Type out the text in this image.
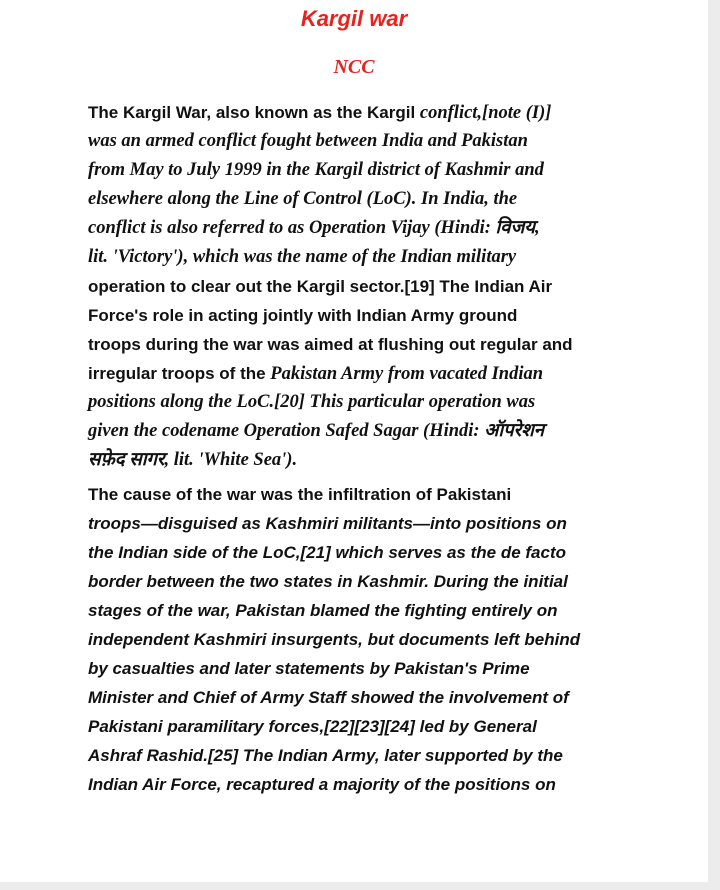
Kargil war
NCC
The Kargil War, also known as the Kargil conflict,[note (I)]
was an armed conflict fought between India and Pakistan
from May to July 1999 in the Kargil district of Kashmir and
elsewhere along the Line of Control (LoC). In India, the
conflict is also referred to as Operation Vijay (Hindi: विजय,
lit. 'Victory'), which was the name of the Indian military
operation to clear out the Kargil sector.[19] The Indian Air
Force's role in acting jointly with Indian Army ground
troops during the war was aimed at flushing out regular and
irregular troops of the Pakistan Army from vacated Indian
positions along the LoC.[20] This particular operation was
given the codename Operation Safed Sagar (Hindi: ऑपरेशन
सफ़ेद सागर, lit. 'White Sea').
The cause of the war was the infiltration of Pakistani
troops—disguised as Kashmiri militants—into positions on
the Indian side of the LoC,[21] which serves as the de facto
border between the two states in Kashmir. During the initial
stages of the war, Pakistan blamed the fighting entirely on
independent Kashmiri insurgents, but documents left behind
by casualties and later statements by Pakistan's Prime
Minister and Chief of Army Staff showed the involvement of
Pakistani paramilitary forces,[22][23][24] led by General
Ashraf Rashid.[25] The Indian Army, later supported by the
Indian Air Force, recaptured a majority of the positions on
